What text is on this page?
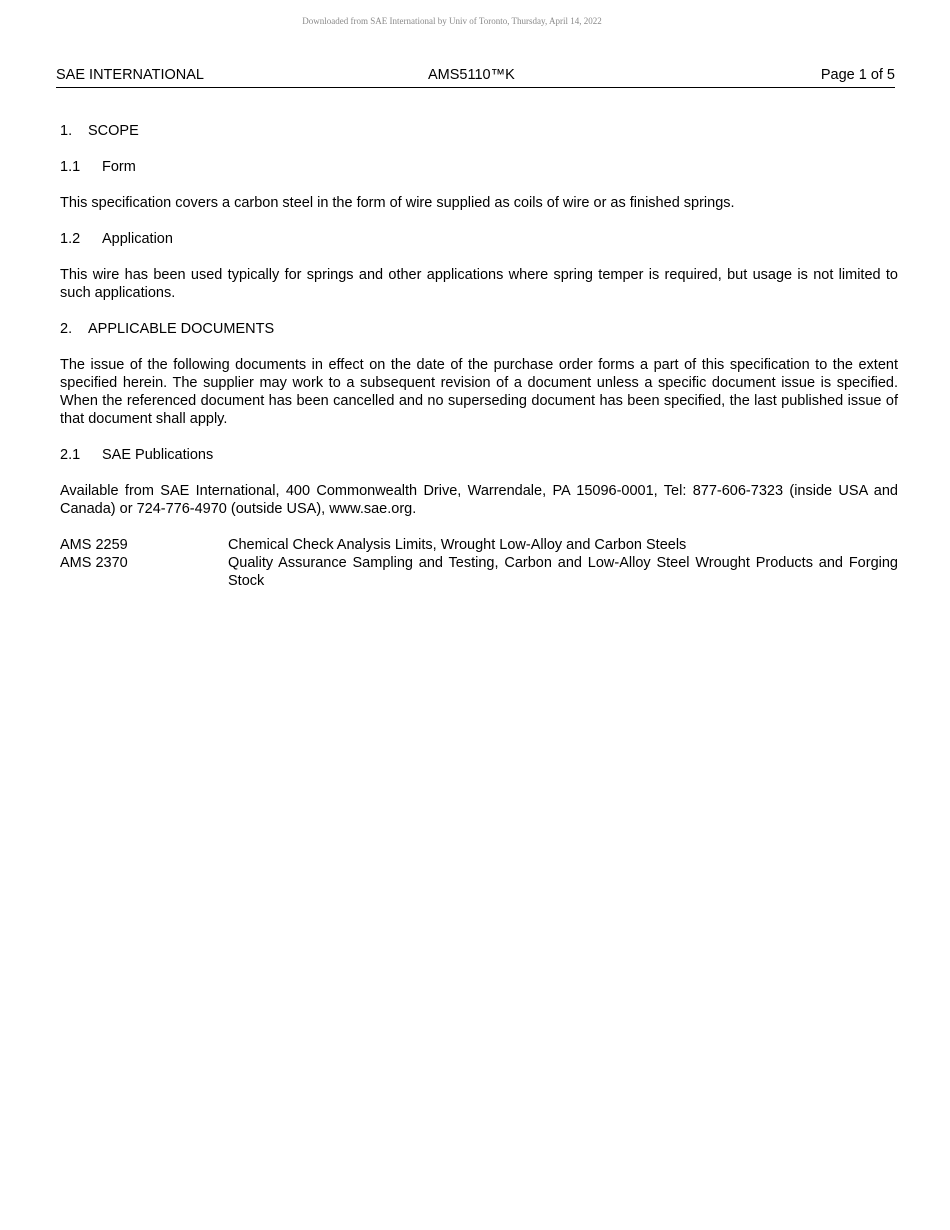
Downloaded from SAE International by Univ of Toronto, Thursday, April 14, 2022
SAE INTERNATIONAL	AMS5110™K	Page 1 of 5
1. SCOPE
1.1 Form

This specification covers a carbon steel in the form of wire supplied as coils of wire or as finished springs.

1.2 Application

This wire has been used typically for springs and other applications where spring temper is required, but usage is not limited to such applications.

2. APPLICABLE DOCUMENTS

The issue of the following documents in effect on the date of the purchase order forms a part of this specification to the extent specified herein. The supplier may work to a subsequent revision of a document unless a specific document issue is specified. When the referenced document has been cancelled and no superseding document has been specified, the last published issue of that document shall apply.

2.1 SAE Publications

Available from SAE International, 400 Commonwealth Drive, Warrendale, PA 15096-0001, Tel: 877-606-7323 (inside USA and Canada) or 724-776-4970 (outside USA), www.sae.org.

AMS 2259	Chemical Check Analysis Limits, Wrought Low-Alloy and Carbon Steels
AMS 2370	Quality Assurance Sampling and Testing, Carbon and Low-Alloy Steel Wrought Products and Forging Stock
